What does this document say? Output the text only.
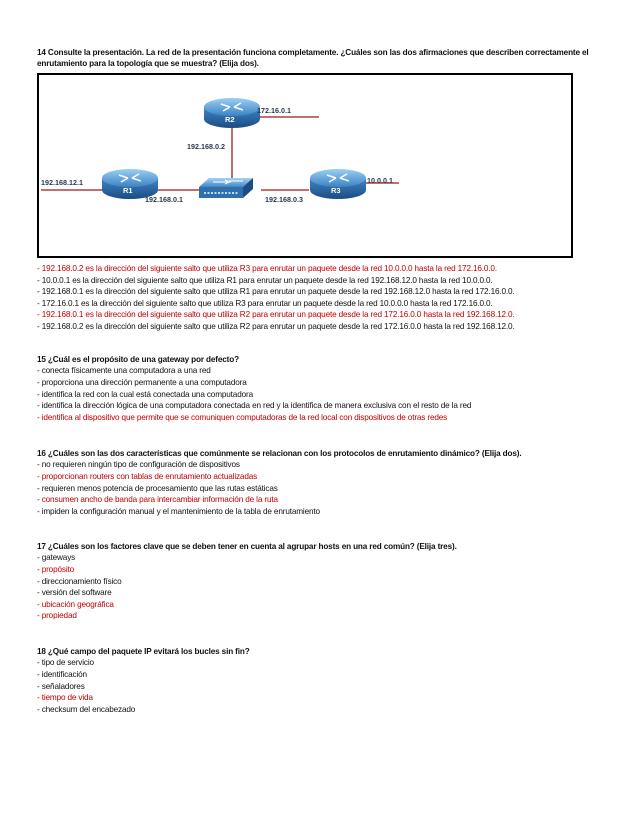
14 Consulte la presentación. La red de la presentación funciona completamente. ¿Cuáles son las dos afirmaciones que describen correctamente el enrutamiento para la topología que se muestra? (Elija dos).
R2
R1	R3
172.16.0.1
192.168.0.2
192.168.12.1
192.168.0.1	192.168.0.3
10.0.0.1
- 192.168.0.2 es la dirección del siguiente salto que utiliza R3 para enrutar un paquete desde la red 10.0.0.0 hasta la red 172.16.0.0.
- 10.0.0.1 es la dirección del siguiente salto que utiliza R1 para enrutar un paquete desde la red 192.168.12.0 hasta la red 10.0.0.0.
- 192.168.0.1 es la dirección del siguiente salto que utiliza R1 para enrutar un paquete desde la red 192.168.12.0 hasta la red 172.16.0.0.
- 172.16.0.1 es la dirección del siguiente salto que utiliza R3 para enrutar un paquete desde la red 10.0.0.0 hasta la red 172.16.0.0.
- 192.168.0.1 es la dirección del siguiente salto que utiliza R2 para enrutar un paquete desde la red 172.16.0.0 hasta la red 192.168.12.0.
- 192.168.0.2 es la dirección del siguiente salto que utiliza R2 para enrutar un paquete desde la red 172.16.0.0 hasta la red 192.168.12.0.
15 ¿Cuál es el propósito de una gateway por defecto?
- conecta físicamente una computadora a una red
- proporciona una dirección permanente a una computadora
- identifica la red con la cual está conectada una computadora
- identifica la dirección lógica de una computadora conectada en red y la identifica de manera exclusiva con el resto de la red
- identifica al dispositivo que permite que se comuniquen computadoras de la red local con dispositivos de otras redes
16 ¿Cuáles son las dos características que comúnmente se relacionan con los protocolos de enrutamiento dinámico? (Elija dos).
- no requieren ningún tipo de configuración de dispositivos
- proporcionan routers con tablas de enrutamiento actualizadas
- requieren menos potencia de procesamiento que las rutas estáticas
- consumen ancho de banda para intercambiar información de la ruta
- impiden la configuración manual y el mantenimiento de la tabla de enrutamiento
17 ¿Cuáles son los factores clave que se deben tener en cuenta al agrupar hosts en una red común? (Elija tres).
- gateways
- propósito
- direccionamiento físico
- versión del software
- ubicación geográfica
- propiedad
18 ¿Qué campo del paquete IP evitará los bucles sin fin?
- tipo de servicio
- identificación
- señaladores
- tiempo de vida
- checksum del encabezado
